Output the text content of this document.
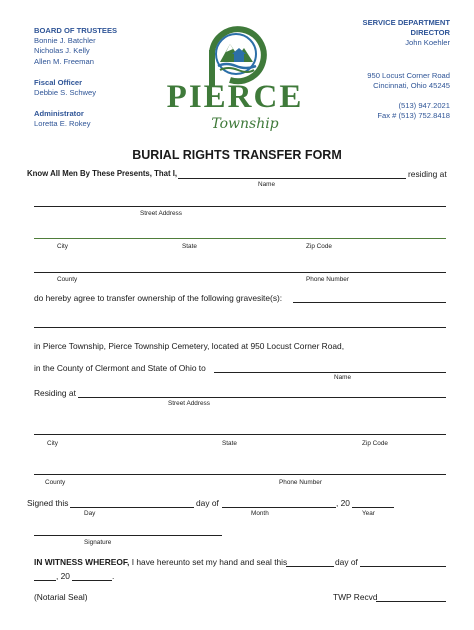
BOARD OF TRUSTEES
Bonnie J. Batchler
Nicholas J. Kelly
Allen M. Freeman
Fiscal Officer
Debbie S. Schwey
Administrator
Loretta E. Rokey
SERVICE DEPARTMENT
DIRECTOR
John Koehler
950 Locust Corner Road
Cincinnati, Ohio 45245
(513) 947.2021
Fax # (513) 752.8418
PIERCE
Township
BURIAL RIGHTS TRANSFER FORM
Know All Men By These Presents, That I,	residing at
Name
Street Address
City	State	Zip Code
County	Phone Number
do hereby agree to transfer ownership of the following gravesite(s):
in Pierce Township, Pierce Township Cemetery, located at 950 Locust Corner Road,
in the County of Clermont and State of Ohio to
Name
Residing at
Street Address
City	State	Zip Code
County	Phone Number
Signed this	day of	, 20
Day	Month	Year
Signature
IN WITNESS WHEREOF, I have hereunto set my hand and seal this	day of
, 20	.
(Notarial Seal)	TWP Recvd
